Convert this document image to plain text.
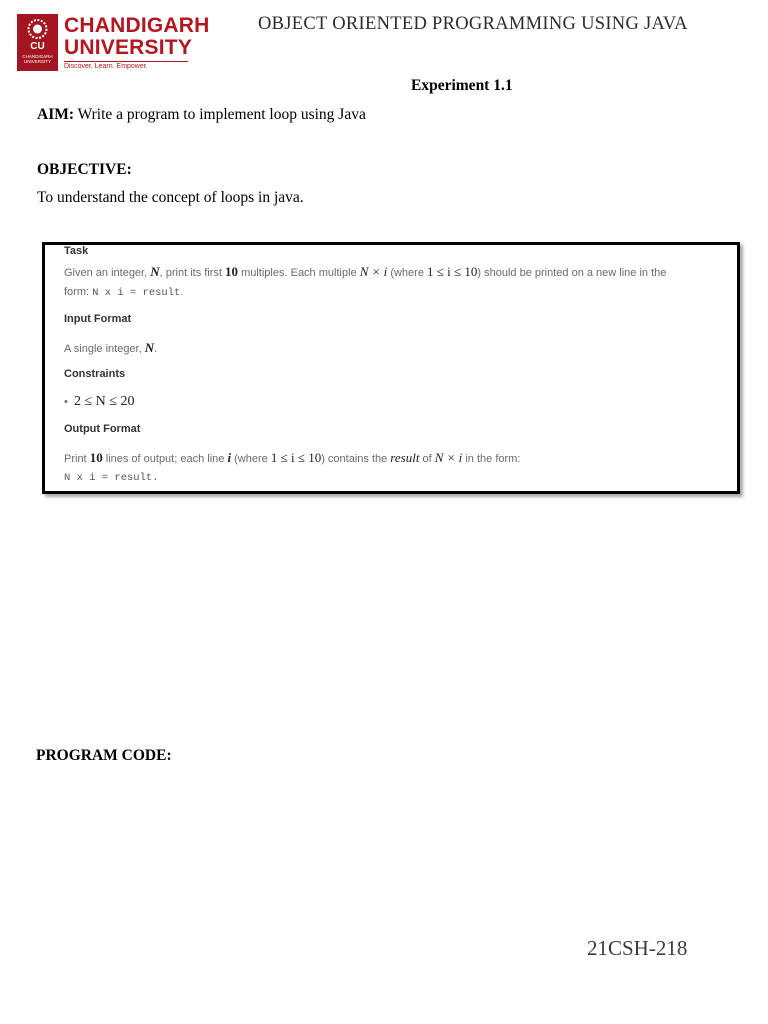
CU
CHANDIGARH UNIVERSITY
CHANDIGARH
UNIVERSITY
Discover. Learn. Empower.
OBJECT ORIENTED PROGRAMMING USING JAVA
Experiment 1.1
AIM: Write a program to implement loop using Java
OBJECTIVE:
To understand the concept of loops in java.
Task
Given an integer, N, print its first 10 multiples. Each multiple N × i (where 1 ≤ i ≤ 10) should be printed on a new line in the
form: N x i = result.
Input Format
A single integer, N.
Constraints
• 2 ≤ N ≤ 20
Output Format
Print 10 lines of output; each line i (where 1 ≤ i ≤ 10) contains the result of N × i in the form:
N x i = result.
PROGRAM CODE:
21CSH-218
